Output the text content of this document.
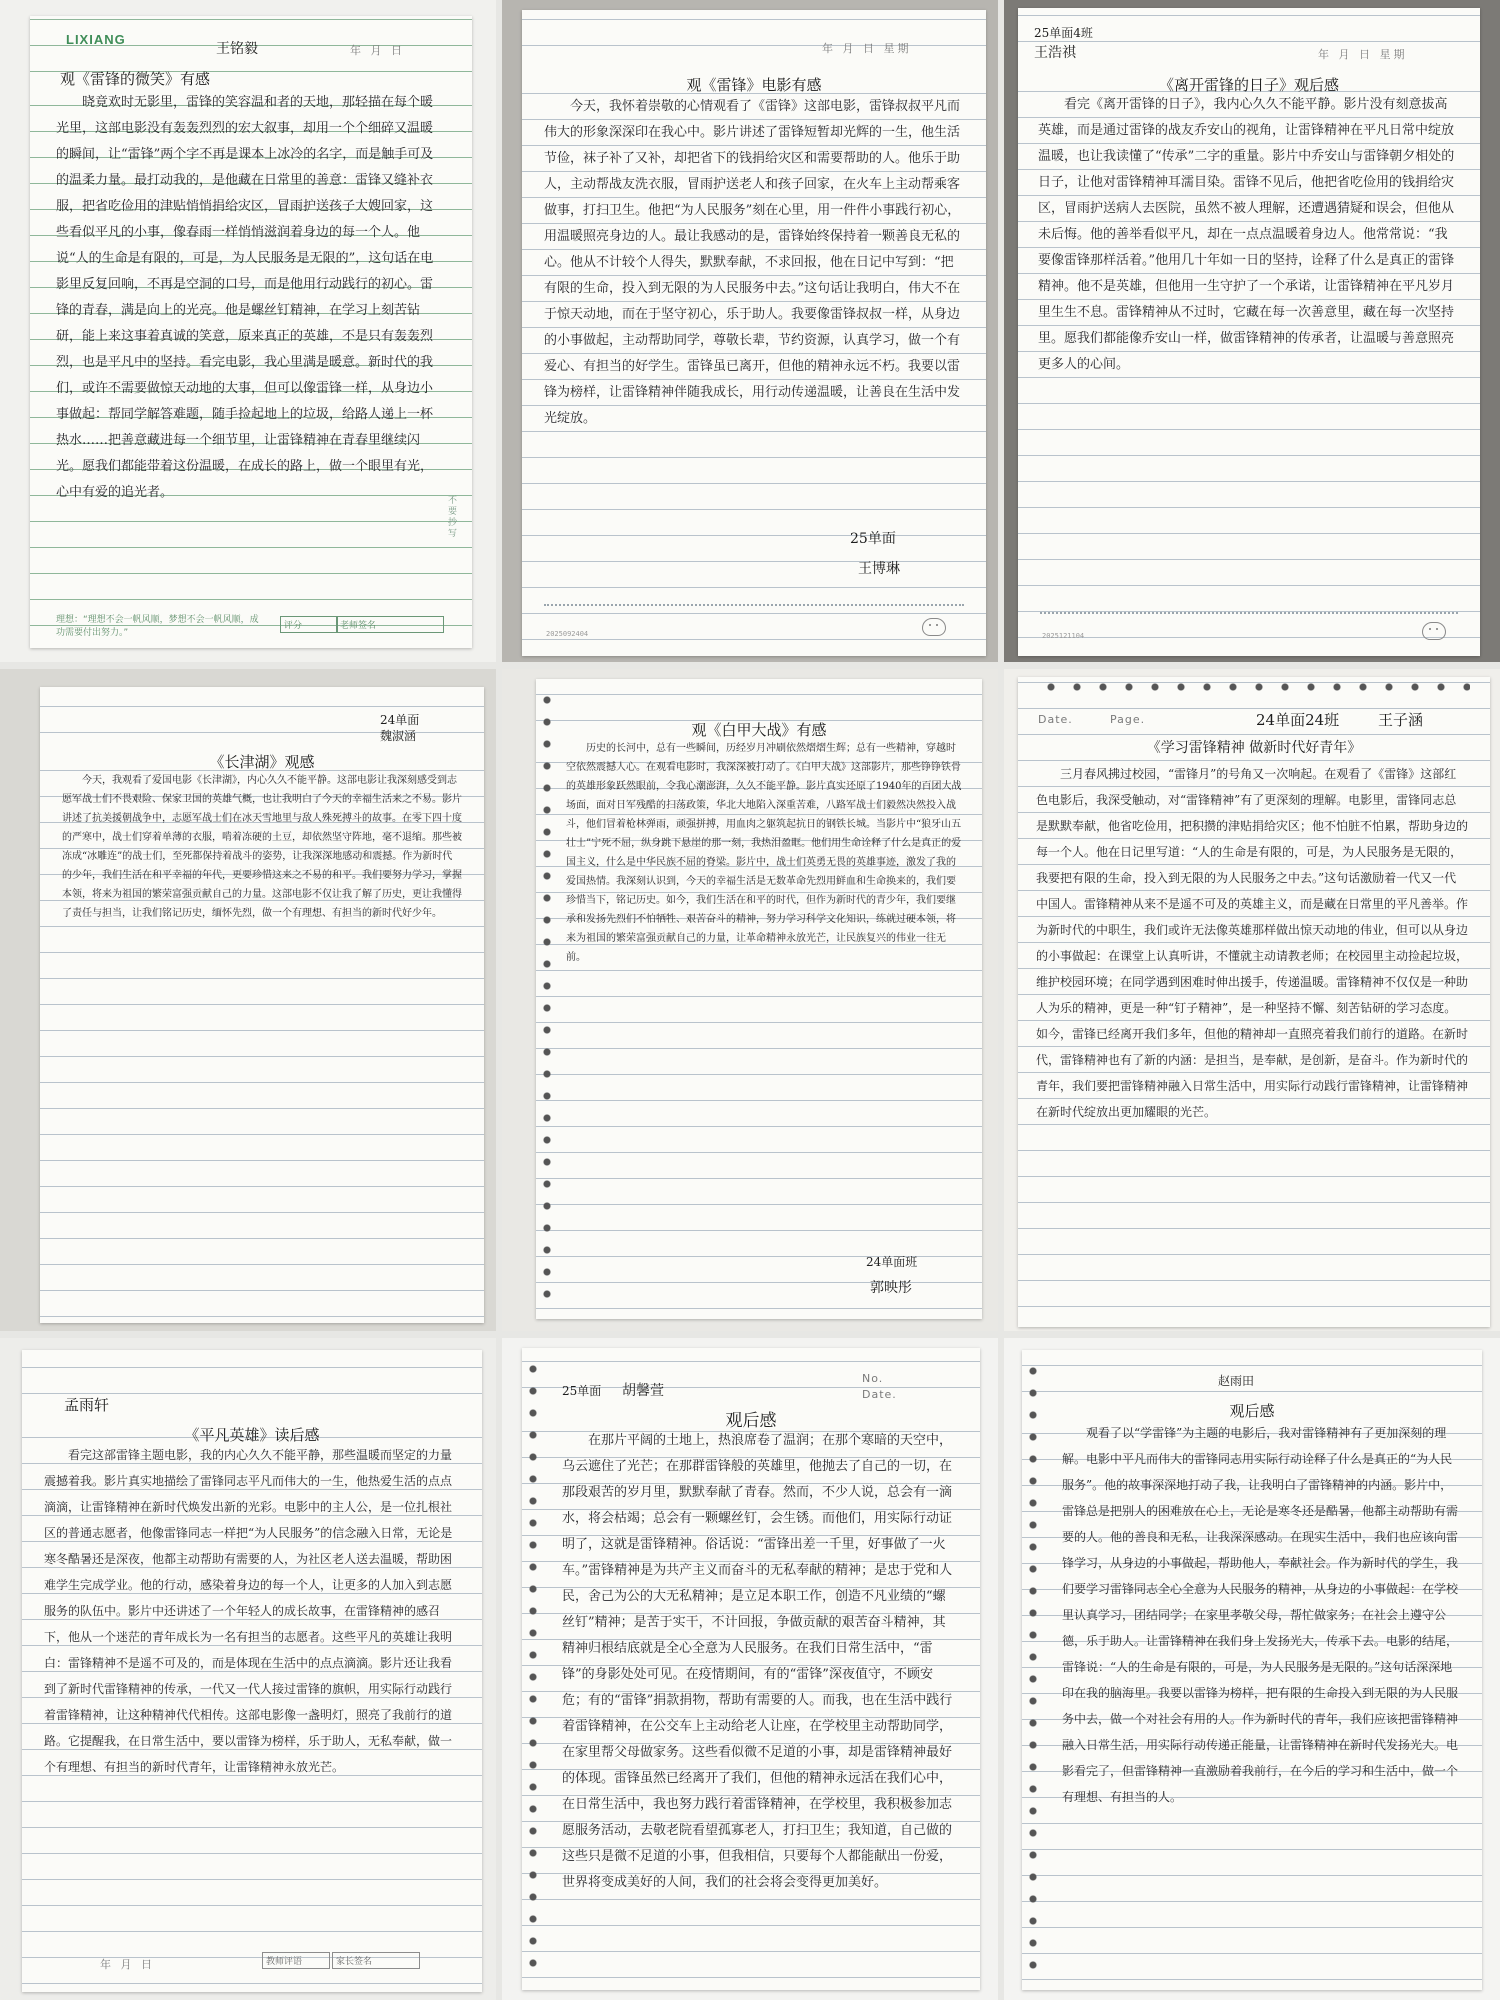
LIXIANG
王铭毅	年 月 日
观《雷锋的微笑》有感

晓竟欢时无影里，雷锋的笑容温和者的天地，那轻描在每个暖光里，这部电影没有轰轰烈烈的宏大叙事，却用一个个细碎又温暖的瞬间，让“雷锋”两个字不再是课本上冰冷的名字，而是触手可及的温柔力量。最打动我的，是他藏在日常里的善意：雷锋又缝补衣服，把省吃俭用的津贴悄悄捐给灾区，冒雨护送孩子大嫂回家，这些看似平凡的小事，像春雨一样悄悄滋润着身边的每一个人。他说“人的生命是有限的，可是，为人民服务是无限的”，这句话在电影里反复回响，不再是空洞的口号，而是他用行动践行的初心。雷锋的青春，满是向上的光亮。他是螺丝钉精神，在学习上刻苦钻研，能上来这事着真诚的笑意，原来真正的英雄，不是只有轰轰烈烈，也是平凡中的坚持。看完电影，我心里满是暖意。新时代的我们，或许不需要做惊天动地的大事，但可以像雷锋一样，从身边小事做起：帮同学解答难题，随手捡起地上的垃圾，给路人递上一杯热水……把善意藏进每一个细节里，让雷锋精神在青春里继续闪光。愿我们都能带着这份温暖，在成长的路上，做一个眼里有光，心中有爱的追光者。

不要抄写
理想：“理想不会一帆风顺，梦想不会一帆风顺，成功需要付出努力。”
评分	老师签名
年 月 日 星期
观《雷锋》电影有感

今天，我怀着崇敬的心情观看了《雷锋》这部电影，雷锋叔叔平凡而伟大的形象深深印在我心中。影片讲述了雷锋短暂却光辉的一生，他生活节俭，袜子补了又补，却把省下的钱捐给灾区和需要帮助的人。他乐于助人，主动帮战友洗衣服，冒雨护送老人和孩子回家，在火车上主动帮乘客做事，打扫卫生。他把“为人民服务”刻在心里，用一件件小事践行初心，用温暖照亮身边的人。最让我感动的是，雷锋始终保持着一颗善良无私的心。他从不计较个人得失，默默奉献，不求回报，他在日记中写到：“把有限的生命，投入到无限的为人民服务中去。”这句话让我明白，伟大不在于惊天动地，而在于坚守初心，乐于助人。我要像雷锋叔叔一样，从身边的小事做起，主动帮助同学，尊敬长辈，节约资源，认真学习，做一个有爱心、有担当的好学生。雷锋虽已离开，但他的精神永远不朽。我要以雷锋为榜样，让雷锋精神伴随我成长，用行动传递温暖，让善良在生活中发光绽放。

25单面
王博琳
2025092404
25单面4班
王浩祺	年 月 日 星期
《离开雷锋的日子》观后感

看完《离开雷锋的日子》，我内心久久不能平静。影片没有刻意拔高英雄，而是通过雷锋的战友乔安山的视角，让雷锋精神在平凡日常中绽放温暖，也让我读懂了“传承”二字的重量。影片中乔安山与雷锋朝夕相处的日子，让他对雷锋精神耳濡目染。雷锋不见后，他把省吃俭用的钱捐给灾区，冒雨护送病人去医院，虽然不被人理解，还遭遇猜疑和误会，但他从未后悔。他的善举看似平凡，却在一点点温暖着身边人。他常常说：“我要像雷锋那样活着。”他用几十年如一日的坚持，诠释了什么是真正的雷锋精神。他不是英雄，但他用一生守护了一个承诺，让雷锋精神在平凡岁月里生生不息。雷锋精神从不过时，它藏在每一次善意里，藏在每一次坚持里。愿我们都能像乔安山一样，做雷锋精神的传承者，让温暖与善意照亮更多人的心间。

2025121104
24单面
魏淑涵
《长津湖》观感

今天，我观看了爱国电影《长津湖》，内心久久不能平静。这部电影让我深刻感受到志愿军战士们不畏艰险、保家卫国的英雄气概，也让我明白了今天的幸福生活来之不易。影片讲述了抗美援朝战争中，志愿军战士们在冰天雪地里与敌人殊死搏斗的故事。在零下四十度的严寒中，战士们穿着单薄的衣服，啃着冻硬的土豆，却依然坚守阵地，毫不退缩。那些被冻成“冰雕连”的战士们，至死都保持着战斗的姿势，让我深深地感动和震撼。作为新时代的少年，我们生活在和平幸福的年代，更要珍惜这来之不易的和平。我们要努力学习，掌握本领，将来为祖国的繁荣富强贡献自己的力量。这部电影不仅让我了解了历史，更让我懂得了责任与担当，让我们铭记历史，缅怀先烈，做一个有理想、有担当的新时代好少年。

观《白甲大战》有感

历史的长河中，总有一些瞬间，历经岁月冲刷依然熠熠生辉；总有一些精神，穿越时空依然震撼人心。在观看电影时，我深深被打动了。《白甲大战》这部影片，那些铮铮铁骨的英雄形象跃然眼前，令我心潮澎湃，久久不能平静。影片真实还原了1940年的百团大战场面，面对日军残酷的扫荡政策，华北大地陷入深重苦难，八路军战士们毅然决然投入战斗，他们冒着枪林弹雨，顽强拼搏，用血肉之躯筑起抗日的钢铁长城。当影片中“狼牙山五壮士”宁死不屈，纵身跳下悬崖的那一刻，我热泪盈眶。他们用生命诠释了什么是真正的爱国主义，什么是中华民族不屈的脊梁。影片中，战士们英勇无畏的英雄事迹，激发了我的爱国热情。我深刻认识到，今天的幸福生活是无数革命先烈用鲜血和生命换来的，我们要珍惜当下，铭记历史。如今，我们生活在和平的时代，但作为新时代的青少年，我们要继承和发扬先烈们不怕牺牲、艰苦奋斗的精神，努力学习科学文化知识，练就过硬本领，将来为祖国的繁荣富强贡献自己的力量，让革命精神永放光芒，让民族复兴的伟业一往无前。

24单面班
郭映彤
Date.	Page.	24单面24班	王子涵
《学习雷锋精神 做新时代好青年》

三月春风拂过校园，“雷锋月”的号角又一次响起。在观看了《雷锋》这部红色电影后，我深受触动，对“雷锋精神”有了更深刻的理解。电影里，雷锋同志总是默默奉献，他省吃俭用，把积攒的津贴捐给灾区；他不怕脏不怕累，帮助身边的每一个人。他在日记里写道：“人的生命是有限的，可是，为人民服务是无限的，我要把有限的生命，投入到无限的为人民服务之中去。”这句话激励着一代又一代中国人。雷锋精神从来不是遥不可及的英雄主义，而是藏在日常里的平凡善举。作为新时代的中职生，我们或许无法像英雄那样做出惊天动地的伟业，但可以从身边的小事做起：在课堂上认真听讲，不懂就主动请教老师；在校园里主动捡起垃圾，维护校园环境；在同学遇到困难时伸出援手，传递温暖。雷锋精神不仅仅是一种助人为乐的精神，更是一种“钉子精神”，是一种坚持不懈、刻苦钻研的学习态度。如今，雷锋已经离开我们多年，但他的精神却一直照亮着我们前行的道路。在新时代，雷锋精神也有了新的内涵：是担当，是奉献，是创新，是奋斗。作为新时代的青年，我们要把雷锋精神融入日常生活中，用实际行动践行雷锋精神，让雷锋精神在新时代绽放出更加耀眼的光芒。

孟雨轩
《平凡英雄》读后感

看完这部雷锋主题电影，我的内心久久不能平静，那些温暖而坚定的力量震撼着我。影片真实地描绘了雷锋同志平凡而伟大的一生，他热爱生活的点点滴滴，让雷锋精神在新时代焕发出新的光彩。电影中的主人公，是一位扎根社区的普通志愿者，他像雷锋同志一样把“为人民服务”的信念融入日常，无论是寒冬酷暑还是深夜，他都主动帮助有需要的人，为社区老人送去温暖，帮助困难学生完成学业。他的行动，感染着身边的每一个人，让更多的人加入到志愿服务的队伍中。影片中还讲述了一个年轻人的成长故事，在雷锋精神的感召下，他从一个迷茫的青年成长为一名有担当的志愿者。这些平凡的英雄让我明白：雷锋精神不是遥不可及的，而是体现在生活中的点点滴滴。影片还让我看到了新时代雷锋精神的传承，一代又一代人接过雷锋的旗帜，用实际行动践行着雷锋精神，让这种精神代代相传。这部电影像一盏明灯，照亮了我前行的道路。它提醒我，在日常生活中，要以雷锋为榜样，乐于助人，无私奉献，做一个有理想、有担当的新时代青年，让雷锋精神永放光芒。

年 月 日	教师评语	家长签名
25单面 胡馨萱
No.
Date.
观后感

在那片平阔的土地上，热浪席卷了温润；在那个寒暗的天空中，乌云遮住了光芒；在那群雷锋般的英雄里，他抛去了自己的一切，在那段艰苦的岁月里，默默奉献了青春。然而，不少人说，总会有一滴水，将会枯竭；总会有一颗螺丝钉，会生锈。而他们，用实际行动证明了，这就是雷锋精神。俗话说：“雷锋出差一千里，好事做了一火车。”雷锋精神是为共产主义而奋斗的无私奉献的精神；是忠于党和人民，舍己为公的大无私精神；是立足本职工作，创造不凡业绩的“螺丝钉”精神；是苦于实干，不计回报，争做贡献的艰苦奋斗精神，其精神归根结底就是全心全意为人民服务。在我们日常生活中，“雷锋”的身影处处可见。在疫情期间，有的“雷锋”深夜值守，不顾安危；有的“雷锋”捐款捐物，帮助有需要的人。而我，也在生活中践行着雷锋精神，在公交车上主动给老人让座，在学校里主动帮助同学，在家里帮父母做家务。这些看似微不足道的小事，却是雷锋精神最好的体现。雷锋虽然已经离开了我们，但他的精神永远活在我们心中，在日常生活中，我也努力践行着雷锋精神，在学校里，我积极参加志愿服务活动，去敬老院看望孤寡老人，打扫卫生；我知道，自己做的这些只是微不足道的小事，但我相信，只要每个人都能献出一份爱，世界将变成美好的人间，我们的社会将会变得更加美好。

赵雨田
观后感

观看了以“学雷锋”为主题的电影后，我对雷锋精神有了更加深刻的理解。电影中平凡而伟大的雷锋同志用实际行动诠释了什么是真正的“为人民服务”。他的故事深深地打动了我，让我明白了雷锋精神的内涵。影片中，雷锋总是把别人的困难放在心上，无论是寒冬还是酷暑，他都主动帮助有需要的人。他的善良和无私，让我深深感动。在现实生活中，我们也应该向雷锋学习，从身边的小事做起，帮助他人，奉献社会。作为新时代的学生，我们要学习雷锋同志全心全意为人民服务的精神，从身边的小事做起：在学校里认真学习，团结同学；在家里孝敬父母，帮忙做家务；在社会上遵守公德，乐于助人。让雷锋精神在我们身上发扬光大，传承下去。电影的结尾，雷锋说：“人的生命是有限的，可是，为人民服务是无限的。”这句话深深地印在我的脑海里。我要以雷锋为榜样，把有限的生命投入到无限的为人民服务中去，做一个对社会有用的人。作为新时代的青年，我们应该把雷锋精神融入日常生活，用实际行动传递正能量，让雷锋精神在新时代发扬光大。电影看完了，但雷锋精神一直激励着我前行，在今后的学习和生活中，做一个有理想、有担当的人。
